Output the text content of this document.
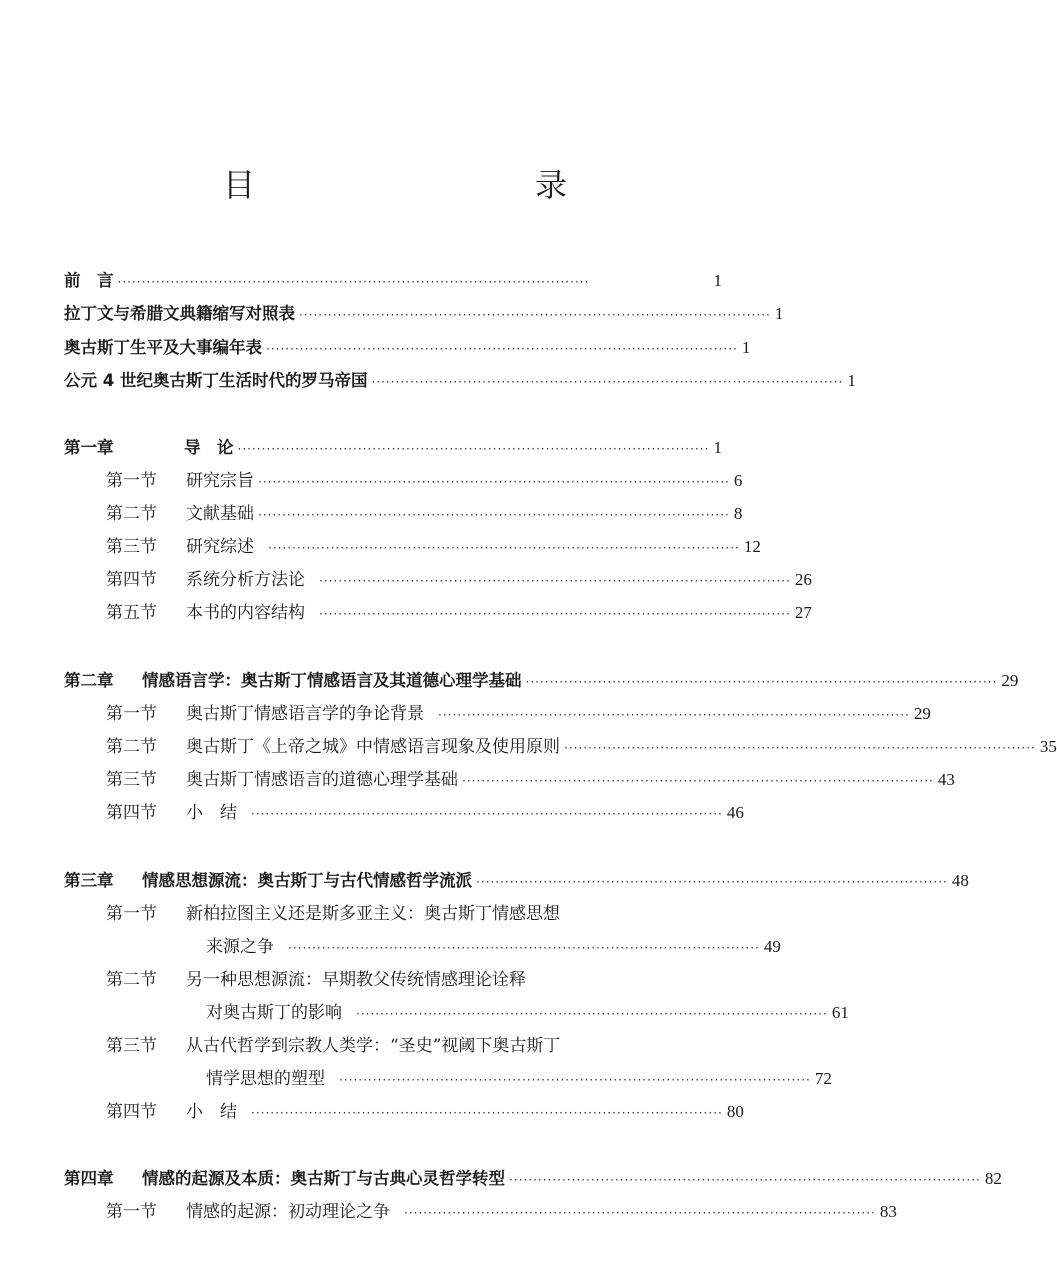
目　　录
前　言 ··································································································	1
拉丁文与希腊文典籍缩写对照表 ·································································································· 1
奥古斯丁生平及大事编年表 ·································································································· 1
公元 4 世纪奥古斯丁生活时代的罗马帝国 ·································································································· 1
第一章	导　论 ·································································································· 1
第一节	研究宗旨 ·································································································· 6
第二节	文献基础 ·································································································· 8
第三节	研究综述 ·································································································· 12
第四节	系统分析方法论 ·································································································· 26
第五节	本书的内容结构 ·································································································· 27
第二章	情感语言学：奥古斯丁情感语言及其道德心理学基础 ·································································································· 29
第一节	奥古斯丁情感语言学的争论背景 ·································································································· 29
第二节	奥古斯丁《上帝之城》中情感语言现象及使用原则 ·································································································· 35
第三节	奥古斯丁情感语言的道德心理学基础 ·································································································· 43
第四节	小　结 ·································································································· 46
第三章	情感思想源流：奥古斯丁与古代情感哲学流派 ·································································································· 48
第一节 新柏拉图主义还是斯多亚主义：奥古斯丁情感思想
来源之争 ·································································································· 49
第二节 另一种思想源流：早期教父传统情感理论诠释
对奥古斯丁的影响 ·································································································· 61
第三节 从古代哲学到宗教人类学：“圣史”视阈下奥古斯丁
情学思想的塑型 ·································································································· 72
第四节	小　结 ·································································································· 80
第四章	情感的起源及本质：奥古斯丁与古典心灵哲学转型 ·································································································· 82
第一节	情感的起源：初动理论之争 ·································································································· 83
